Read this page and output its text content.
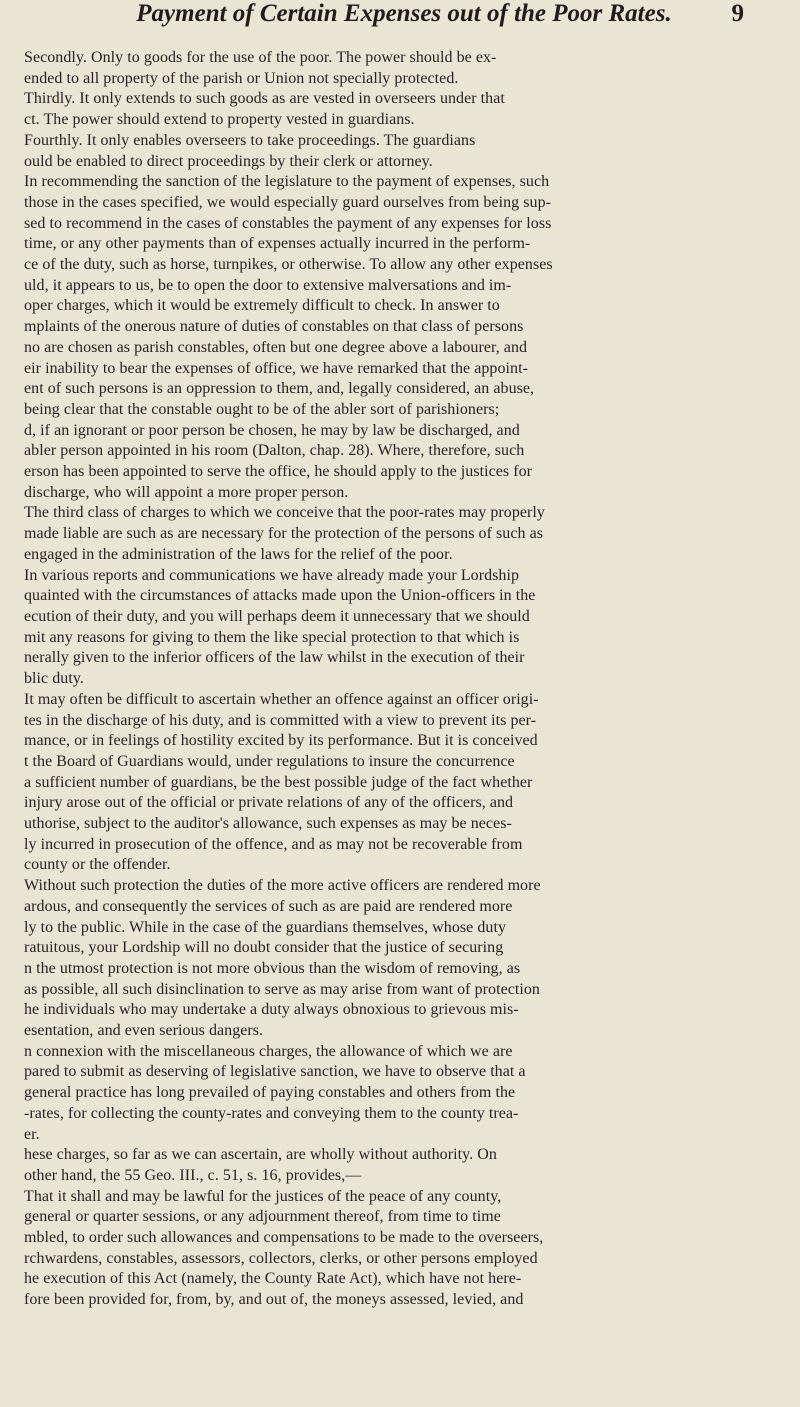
Payment of Certain Expenses out of the Poor Rates.	9
Secondly. Only to goods for the use of the poor. The power should be ex-
ended to all property of the parish or Union not specially protected.
Thirdly. It only extends to such goods as are vested in overseers under that
ct. The power should extend to property vested in guardians.
Fourthly. It only enables overseers to take proceedings. The guardians
ould be enabled to direct proceedings by their clerk or attorney.
In recommending the sanction of the legislature to the payment of expenses, such
those in the cases specified, we would especially guard ourselves from being sup-
sed to recommend in the cases of constables the payment of any expenses for loss
time, or any other payments than of expenses actually incurred in the perform-
ce of the duty, such as horse, turnpikes, or otherwise. To allow any other expenses
uld, it appears to us, be to open the door to extensive malversations and im-
oper charges, which it would be extremely difficult to check. In answer to
mplaints of the onerous nature of duties of constables on that class of persons
no are chosen as parish constables, often but one degree above a labourer, and
eir inability to bear the expenses of office, we have remarked that the appoint-
ent of such persons is an oppression to them, and, legally considered, an abuse,
being clear that the constable ought to be of the abler sort of parishioners;
d, if an ignorant or poor person be chosen, he may by law be discharged, and
abler person appointed in his room (Dalton, chap. 28). Where, therefore, such
erson has been appointed to serve the office, he should apply to the justices for
discharge, who will appoint a more proper person.
The third class of charges to which we conceive that the poor-rates may properly
made liable are such as are necessary for the protection of the persons of such as
engaged in the administration of the laws for the relief of the poor.
In various reports and communications we have already made your Lordship
quainted with the circumstances of attacks made upon the Union-officers in the
ecution of their duty, and you will perhaps deem it unnecessary that we should
mit any reasons for giving to them the like special protection to that which is
nerally given to the inferior officers of the law whilst in the execution of their
blic duty.
It may often be difficult to ascertain whether an offence against an officer origi-
tes in the discharge of his duty, and is committed with a view to prevent its per-
mance, or in feelings of hostility excited by its performance. But it is conceived
t the Board of Guardians would, under regulations to insure the concurrence
a sufficient number of guardians, be the best possible judge of the fact whether
injury arose out of the official or private relations of any of the officers, and
uthorise, subject to the auditor's allowance, such expenses as may be neces-
ly incurred in prosecution of the offence, and as may not be recoverable from
county or the offender.
Without such protection the duties of the more active officers are rendered more
ardous, and consequently the services of such as are paid are rendered more
ly to the public. While in the case of the guardians themselves, whose duty
ratuitous, your Lordship will no doubt consider that the justice of securing
n the utmost protection is not more obvious than the wisdom of removing, as
as possible, all such disinclination to serve as may arise from want of protection
he individuals who may undertake a duty always obnoxious to grievous mis-
esentation, and even serious dangers.
n connexion with the miscellaneous charges, the allowance of which we are
pared to submit as deserving of legislative sanction, we have to observe that a
general practice has long prevailed of paying constables and others from the
-rates, for collecting the county-rates and conveying them to the county trea-
er.
hese charges, so far as we can ascertain, are wholly without authority. On
other hand, the 55 Geo. III., c. 51, s. 16, provides,—
That it shall and may be lawful for the justices of the peace of any county,
general or quarter sessions, or any adjournment thereof, from time to time
mbled, to order such allowances and compensations to be made to the overseers,
rchwardens, constables, assessors, collectors, clerks, or other persons employed
he execution of this Act (namely, the County Rate Act), which have not here-
fore been provided for, from, by, and out of, the moneys assessed, levied, and
